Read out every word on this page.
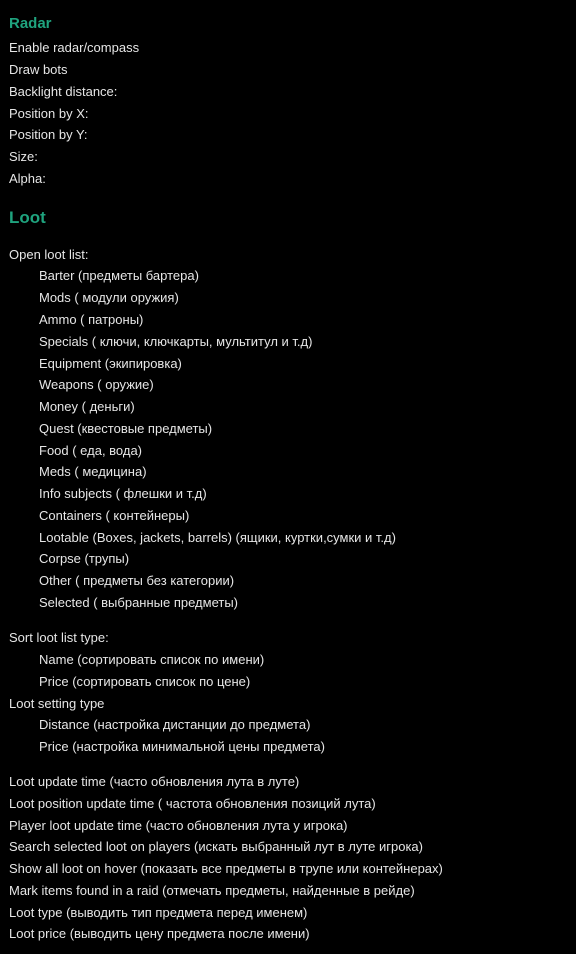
Radar
Enable radar/compass
Draw bots
Backlight distance:
Position by X:
Position by Y:
Size:
Alpha:
Loot
Open loot list:
Barter (предметы бартера)
Mods ( модули оружия)
Ammo ( патроны)
Specials ( ключи, ключкарты, мультитул и т.д)
Equipment (экипировка)
Weapons ( оружие)
Money ( деньги)
Quest (квестовые предметы)
Food ( еда, вода)
Meds ( медицина)
Info subjects ( флешки и т.д)
Containers ( контейнеры)
Lootable (Boxes, jackets, barrels) (ящики, куртки,сумки и т.д)
Corpse (трупы)
Other ( предметы без категории)
Selected ( выбранные предметы)
Sort loot list type:
Name (сортировать список по имени)
Price (сортировать список по цене)
Loot setting type
Distance (настройка дистанции до предмета)
Price (настройка минимальной цены предмета)
Loot update time (часто обновления лута в луте)
Loot position update time ( частота обновления позиций лута)
Player loot update time (часто обновления лута у игрока)
Search selected loot on players (искать выбранный лут в луте игрока)
Show all loot on hover (показать все предметы в трупе или контейнерах)
Mark items found in a raid (отмечать предметы, найденные в рейде)
Loot type (выводить тип предмета перед именем)
Loot price (выводить цену предмета после имени)
